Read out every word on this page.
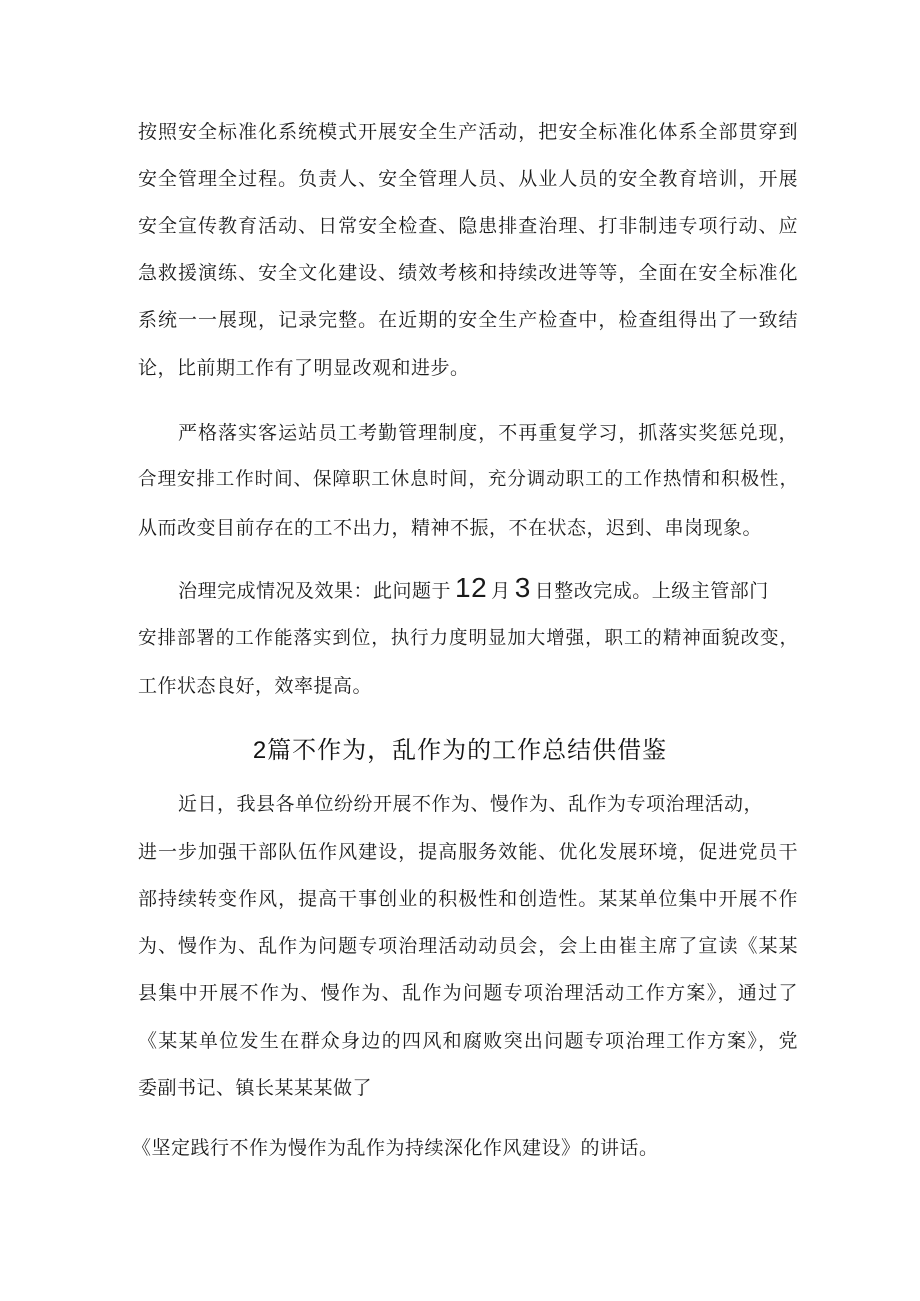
按照安全标准化系统模式开展安全生产活动，把安全标准化体系全部贯穿到
安全管理全过程。负责人、安全管理人员、从业人员的安全教育培训，开展
安全宣传教育活动、日常安全检查、隐患排查治理、打非制违专项行动、应
急救援演练、安全文化建设、绩效考核和持续改进等等，全面在安全标准化
系统一一展现，记录完整。在近期的安全生产检查中，检查组得出了一致结
论，比前期工作有了明显改观和进步。
严格落实客运站员工考勤管理制度，不再重复学习，抓落实奖惩兑现，
合理安排工作时间、保障职工休息时间，充分调动职工的工作热情和积极性，
从而改变目前存在的工不出力，精神不振，不在状态，迟到、串岗现象。
治理完成情况及效果：此问题于 12 月 3 日整改完成。上级主管部门
安排部署的工作能落实到位，执行力度明显加大增强，职工的精神面貌改变，
工作状态良好，效率提高。
2篇不作为，乱作为的工作总结供借鉴
近日，我县各单位纷纷开展不作为、慢作为、乱作为专项治理活动，
进一步加强干部队伍作风建设，提高服务效能、优化发展环境，促进党员干
部持续转变作风，提高干事创业的积极性和创造性。某某单位集中开展不作
为、慢作为、乱作为问题专项治理活动动员会，会上由崔主席了宣读《某某
县集中开展不作为、慢作为、乱作为问题专项治理活动工作方案》，通过了
《某某单位发生在群众身边的四风和腐败突出问题专项治理工作方案》，党
委副书记、镇长某某某做了
《坚定践行不作为慢作为乱作为持续深化作风建设》的讲话。
